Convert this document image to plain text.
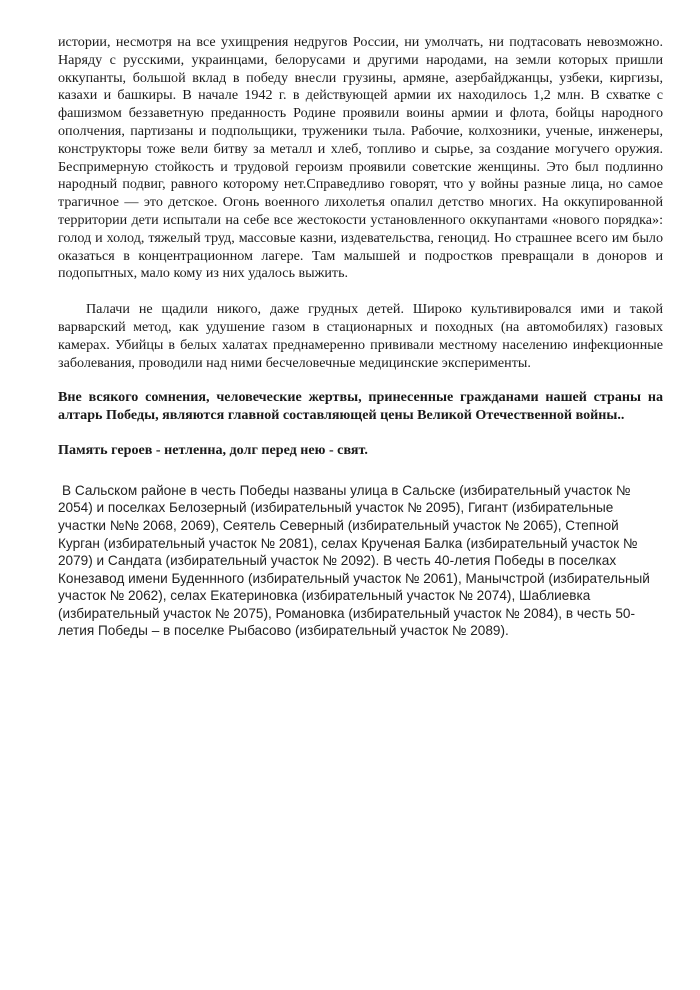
истории, несмотря на все ухищрения недругов России, ни умолчать, ни подтасовать невозможно. Наряду с русскими, украинцами, белорусами и другими народами, на земли которых пришли оккупанты, большой вклад в победу внесли грузины, армяне, азербайджанцы, узбеки, киргизы, казахи и башкиры. В начале 1942 г. в действующей армии их находилось 1,2 млн. В схватке с фашизмом беззаветную преданность Родине проявили воины армии и флота, бойцы народного ополчения, партизаны и подпольщики, труженики тыла. Рабочие, колхозники, ученые, инженеры, конструкторы тоже вели битву за металл и хлеб, топливо и сырье, за создание могучего оружия. Беспримерную стойкость и трудовой героизм проявили советские женщины. Это был подлинно народный подвиг, равного которому нет.Справедливо говорят, что у войны разные лица, но самое трагичное — это детское. Огонь военного лихолетья опалил детство многих. На оккупированной территории дети испытали на себе все жестокости установленного оккупантами «нового порядка»: голод и холод, тяжелый труд, массовые казни, издевательства, геноцид. Но страшнее всего им было оказаться в концентрационном лагере. Там малышей и подростков превращали в доноров и подопытных, мало кому из них удалось выжить.

Палачи не щадили никого, даже грудных детей. Широко культивировался ими и такой варварский метод, как удушение газом в стационарных и походных (на автомобилях) газовых камерах. Убийцы в белых халатах преднамеренно прививали местному населению инфекционные заболевания, проводили над ними бесчеловечные медицинские эксперименты.

Вне всякого сомнения, человеческие жертвы, принесенные гражданами нашей страны на алтарь Победы, являются главной составляющей цены Великой Отечественной войны..

Память героев - нетленна, долг перед нею - свят.

В Сальском районе в честь Победы названы улица в Сальске (избирательный участок № 2054) и поселках Белозерный (избирательный участок № 2095), Гигант (избирательные участки №№ 2068, 2069), Сеятель Северный (избирательный участок № 2065), Степной Курган (избирательный участок № 2081), селах Крученая Балка (избирательный участок № 2079) и Сандата (избирательный участок № 2092). В честь 40-летия Победы в поселках Конезавод имени Буденнного (избирательный участок № 2061), Манычстрой (избирательный участок № 2062), селах Екатериновка (избирательный участок № 2074), Шаблиевка (избирательный участок № 2075), Романовка (избирательный участок № 2084), в честь 50-летия Победы – в поселке Рыбасово (избирательный участок № 2089).
